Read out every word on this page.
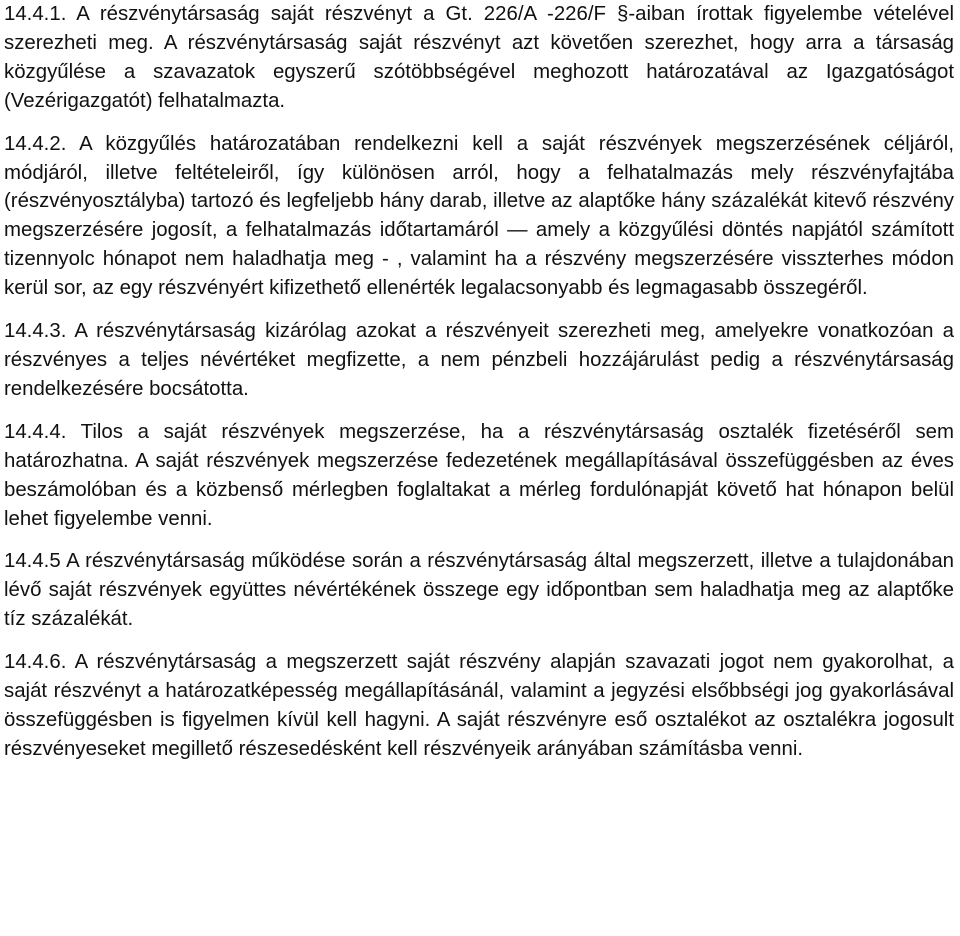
14.4.1. A részvénytársaság saját részvényt a Gt. 226/A -226/F §-aiban írottak figyelembe vételével szerezheti meg. A részvénytársaság saját részvényt azt követően szerezhet, hogy arra a társaság közgyűlése a szavazatok egyszerű szótöbbségével meghozott határozatával az Igazgatóságot (Vezérigazgatót) felhatalmazta.

14.4.2. A közgyűlés határozatában rendelkezni kell a saját részvények megszerzésének céljáról, módjáról, illetve feltételeiről, így különösen arról, hogy a felhatalmazás mely részvényfajtába (részvényosztályba) tartozó és legfeljebb hány darab, illetve az alaptőke hány százalékát kitevő részvény megszerzésére jogosít, a felhatalmazás időtartamáról — amely a közgyűlési döntés napjától számított tizennyolc hónapot nem haladhatja meg - , valamint ha a részvény megszerzésére visszterhes módon kerül sor, az egy részvényért kifizethető ellenérték legalacsonyabb és legmagasabb összegéről.

14.4.3. A részvénytársaság kizárólag azokat a részvényeit szerezheti meg, amelyekre vonatkozóan a részvényes a teljes névértéket megfizette, a nem pénzbeli hozzájárulást pedig a részvénytársaság rendelkezésére bocsátotta.

14.4.4. Tilos a saját részvények megszerzése, ha a részvénytársaság osztalék fizetéséről sem határozhatna. A saját részvények megszerzése fedezetének megállapításával összefüggésben az éves beszámolóban és a közbenső mérlegben foglaltakat a mérleg fordulónapját követő hat hónapon belül lehet figyelembe venni.

14.4.5 A részvénytársaság működése során a részvénytársaság által megszerzett, illetve a tulajdonában lévő saját részvények együttes névértékének összege egy időpontban sem haladhatja meg az alaptőke tíz százalékát.

14.4.6. A részvénytársaság a megszerzett saját részvény alapján szavazati jogot nem gyakorolhat, a saját részvényt a határozatképesség megállapításánál, valamint a jegyzési elsőbbségi jog gyakorlásával összefüggésben is figyelmen kívül kell hagyni. A saját részvényre eső osztalékot az osztalékra jogosult részvényeseket megillető részesedésként kell részvényeik arányában számításba venni.
